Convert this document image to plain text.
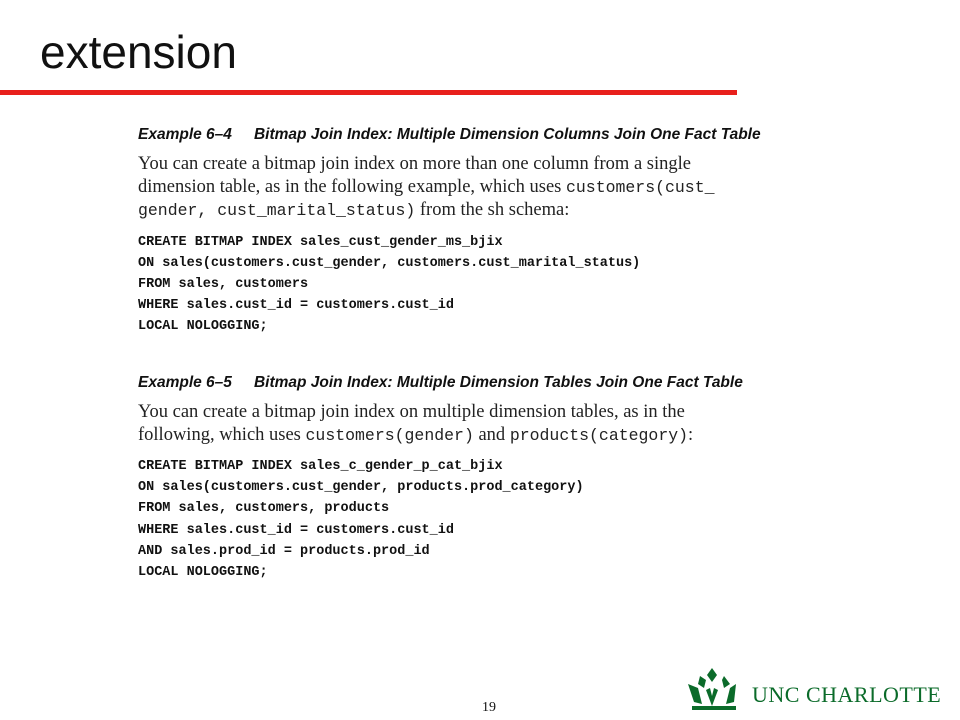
extension
Example 6–4 Bitmap Join Index: Multiple Dimension Columns Join One Fact Table
You can create a bitmap join index on more than one column from a single
dimension table, as in the following example, which uses customers(cust_
gender, cust_marital_status) from the sh schema:
CREATE BITMAP INDEX sales_cust_gender_ms_bjix
ON sales(customers.cust_gender, customers.cust_marital_status)
FROM sales, customers
WHERE sales.cust_id = customers.cust_id
LOCAL NOLOGGING;
Example 6–5 Bitmap Join Index: Multiple Dimension Tables Join One Fact Table
You can create a bitmap join index on multiple dimension tables, as in the
following, which uses customers(gender) and products(category):
CREATE BITMAP INDEX sales_c_gender_p_cat_bjix
ON sales(customers.cust_gender, products.prod_category)
FROM sales, customers, products
WHERE sales.cust_id = customers.cust_id
AND sales.prod_id = products.prod_id
LOCAL NOLOGGING;
19
UNC CHARLOTTE
